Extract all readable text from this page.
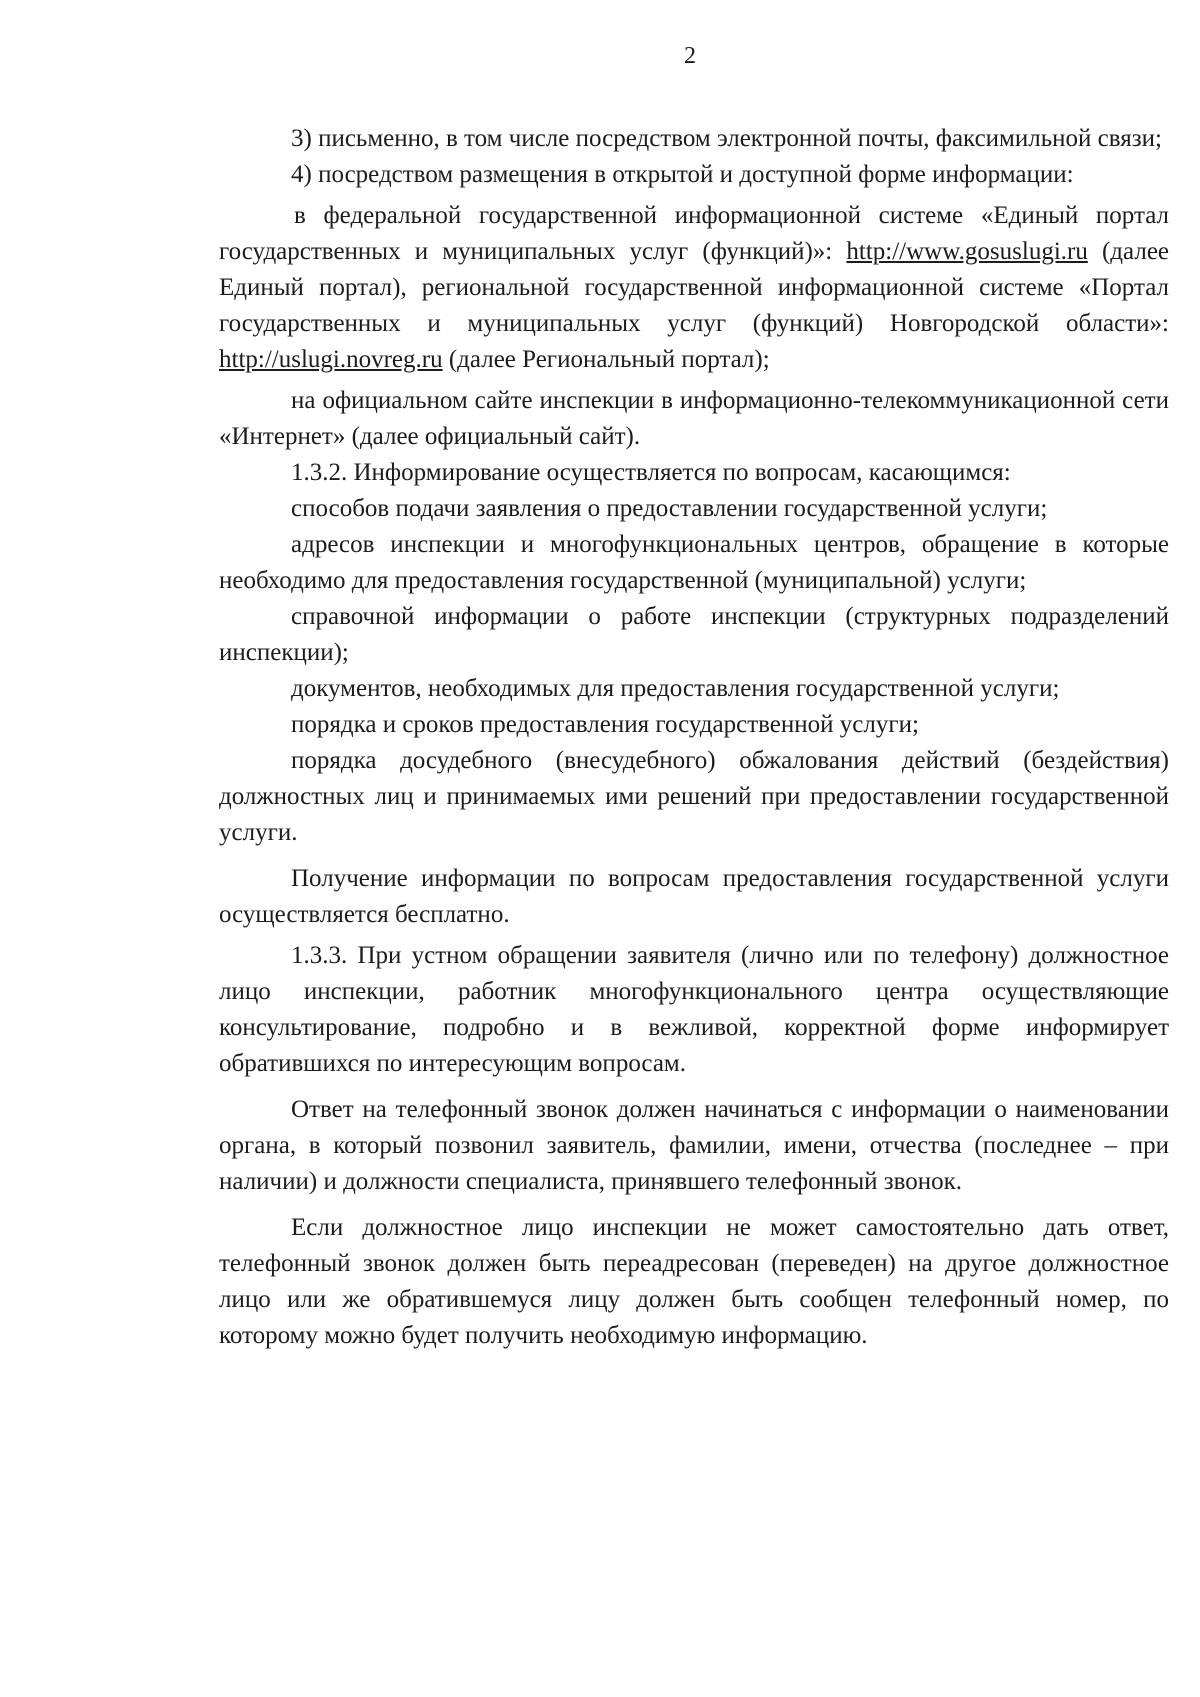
2

3) письменно, в том числе посредством электронной почты, факсимильной связи;

4) посредством размещения в открытой и доступной форме информации:

в федеральной государственной информационной системе «Единый портал государственных и муниципальных услуг (функций)»: http://www.gosuslugi.ru (далее Единый портал), региональной государственной информационной системе «Портал государственных и муниципальных услуг (функций) Новгородской области»: http://uslugi.novreg.ru (далее Региональный портал);

на официальном сайте инспекции в информационно-телекоммуникационной сети «Интернет» (далее официальный сайт).

1.3.2. Информирование осуществляется по вопросам, касающимся:

способов подачи заявления о предоставлении государственной услуги;

адресов инспекции и многофункциональных центров, обращение в которые необходимо для предоставления государственной (муниципальной) услуги;

справочной информации о работе инспекции (структурных подразделений инспекции);

документов, необходимых для предоставления государственной услуги;

порядка и сроков предоставления государственной услуги;

порядка досудебного (внесудебного) обжалования действий (бездействия) должностных лиц и принимаемых ими решений при предоставлении государственной услуги.

Получение информации по вопросам предоставления государственной услуги осуществляется бесплатно.

1.3.3. При устном обращении заявителя (лично или по телефону) должностное лицо инспекции, работник многофункционального центра осуществляющие консультирование, подробно и в вежливой, корректной форме информирует обратившихся по интересующим вопросам.

Ответ на телефонный звонок должен начинаться с информации о наименовании органа, в который позвонил заявитель, фамилии, имени, отчества (последнее – при наличии) и должности специалиста, принявшего телефонный звонок.

Если должностное лицо инспекции не может самостоятельно дать ответ, телефонный звонок должен быть переадресован (переведен) на другое должностное лицо или же обратившемуся лицу должен быть сообщен телефонный номер, по которому можно будет получить необходимую информацию.
